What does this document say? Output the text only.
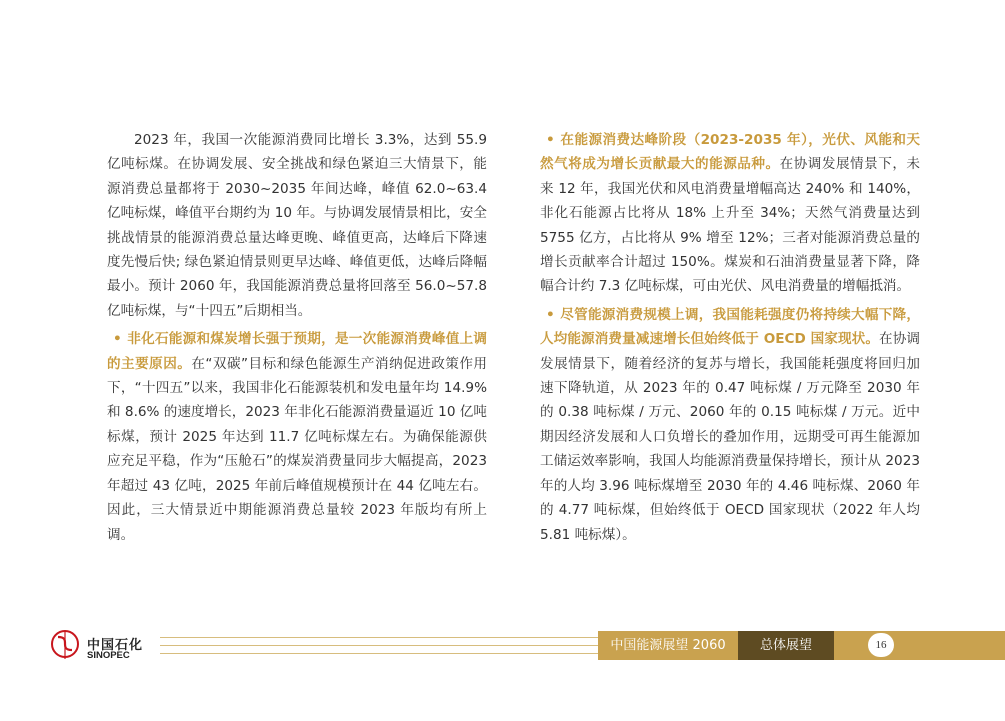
2023 年，我国一次能源消费同比增长 3.3%，达到 55.9 亿吨标煤。在协调发展、安全挑战和绿色紧迫三大情景下，能源消费总量都将于 2030~2035 年间达峰，峰值 62.0~63.4 亿吨标煤，峰值平台期约为 10 年。与协调发展情景相比，安全挑战情景的能源消费总量达峰更晚、峰值更高，达峰后下降速度先慢后快; 绿色紧迫情景则更早达峰、峰值更低，达峰后降幅最小。预计 2060 年，我国能源消费总量将回落至 56.0~57.8 亿吨标煤，与“十四五”后期相当。

• 非化石能源和煤炭增长强于预期，是一次能源消费峰值上调的主要原因。在“双碳”目标和绿色能源生产消纳促进政策作用下，“十四五”以来，我国非化石能源装机和发电量年均 14.9% 和 8.6% 的速度增长，2023 年非化石能源消费量逼近 10 亿吨标煤，预计 2025 年达到 11.7 亿吨标煤左右。为确保能源供应充足平稳，作为“压舱石”的煤炭消费量同步大幅提高，2023 年超过 43 亿吨，2025 年前后峰值规模预计在 44 亿吨左右。因此，三大情景近中期能源消费总量较 2023 年版均有所上调。

• 在能源消费达峰阶段（2023-2035 年），光伏、风能和天然气将成为增长贡献最大的能源品种。在协调发展情景下，未来 12 年，我国光伏和风电消费量增幅高达 240% 和 140%，非化石能源占比将从 18% 上升至 34%；天然气消费量达到 5755 亿方，占比将从 9% 增至 12%；三者对能源消费总量的增长贡献率合计超过 150%。煤炭和石油消费量显著下降，降幅合计约 7.3 亿吨标煤，可由光伏、风电消费量的增幅抵消。

• 尽管能源消费规模上调，我国能耗强度仍将持续大幅下降，人均能源消费量减速增长但始终低于 OECD 国家现状。在协调发展情景下，随着经济的复苏与增长，我国能耗强度将回归加速下降轨道，从 2023 年的 0.47 吨标煤 / 万元降至 2030 年的 0.38 吨标煤 / 万元、2060 年的 0.15 吨标煤 / 万元。近中期因经济发展和人口负增长的叠加作用，远期受可再生能源加工储运效率影响，我国人均能源消费量保持增长，预计从 2023 年的人均 3.96 吨标煤增至 2030 年的 4.46 吨标煤、2060 年的 4.77 吨标煤，但始终低于 OECD 国家现状（2022 年人均 5.81 吨标煤）。

中国石化
SINOPEC
中国能源展望 2060	总体展望	16
